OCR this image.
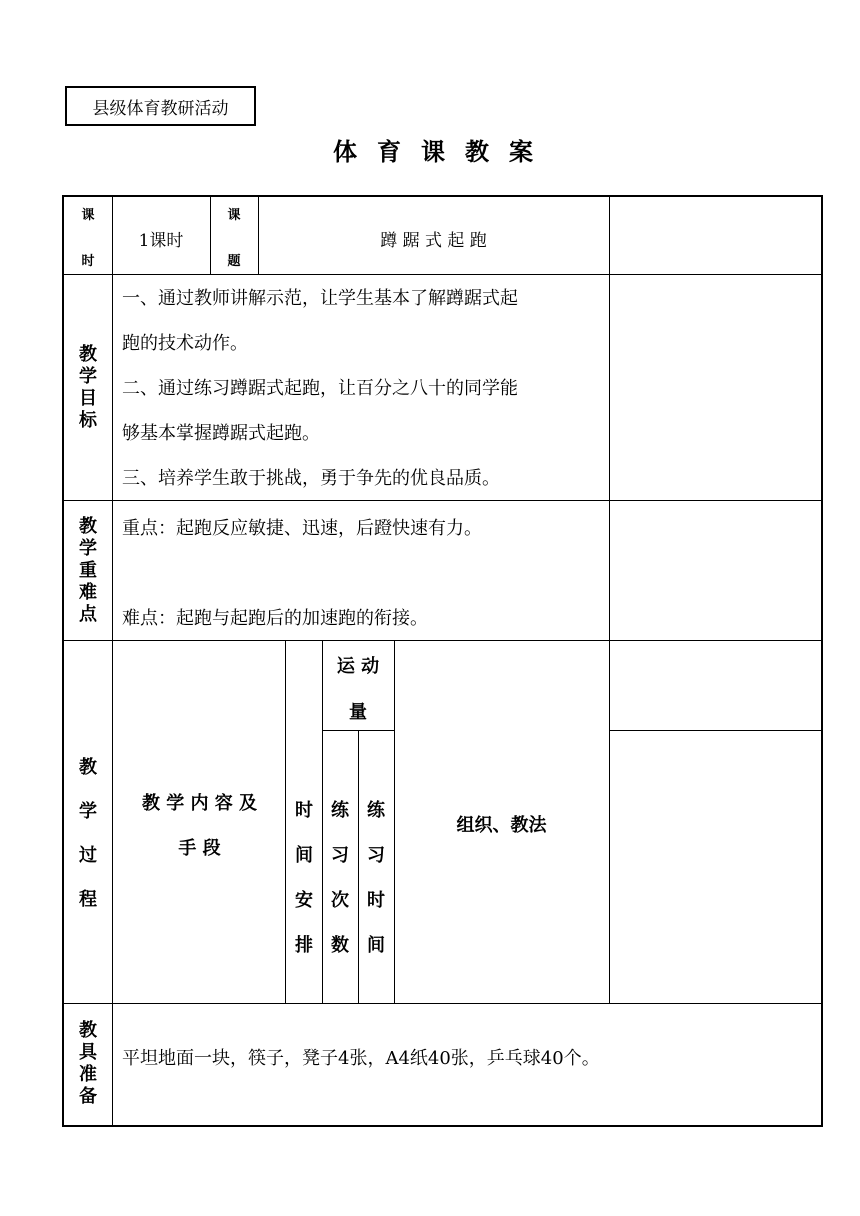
县级体育教研活动
体育课教案
课
时
1课时
课
题
蹲 踞 式 起 跑
教学目标
一、通过教师讲解示范，让学生基本了解蹲踞式起
跑的技术动作。
二、通过练习蹲踞式起跑，让百分之八十的同学能
够基本掌握蹲踞式起跑。
三、培养学生敢于挑战，勇于争先的优良品质。
教学重难点
重点：起跑反应敏捷、迅速，后蹬快速有力。
难点：起跑与起跑后的加速跑的衔接。
教学过程
教 学 内 容 及
手 段
时间安排
运 动
量
练习次数
练习时间
组织、教法
教具准备
平坦地面一块，筷子，凳子4张，A4纸40张，乒乓球40个。
